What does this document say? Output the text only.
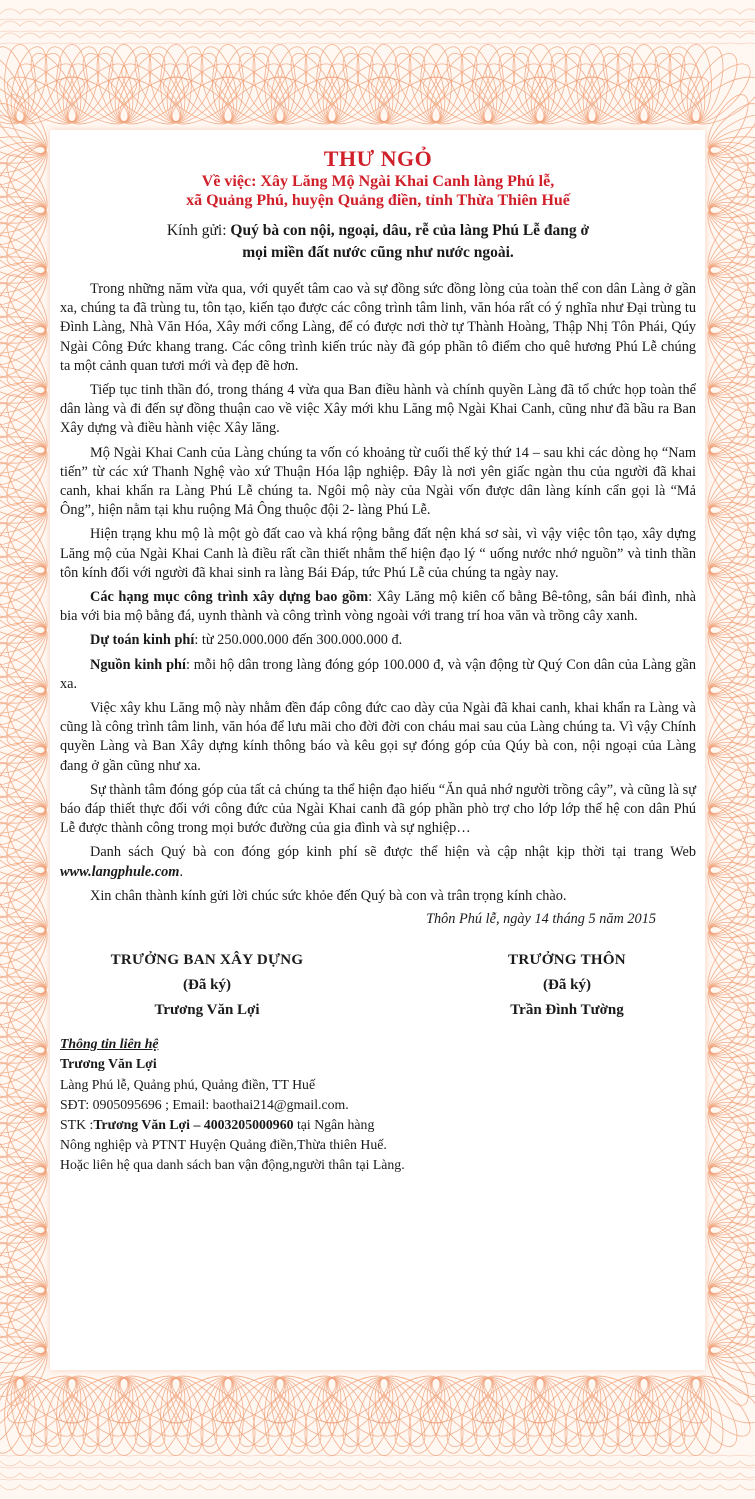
THƯ NGỎ
Về việc: Xây Lăng Mộ Ngài Khai Canh làng Phú lễ,
xã Quảng Phú, huyện Quảng điền, tỉnh Thừa Thiên Huế
Kính gửi: Quý bà con nội, ngoại, dâu, rễ của làng Phú Lễ đang ở
mọi miền đất nước cũng như nước ngoài.

Trong những năm vừa qua, với quyết tâm cao và sự đồng sức đồng lòng của toàn thể con dân Làng ở gần xa, chúng ta đã trùng tu, tôn tạo, kiến tạo được các công trình tâm linh, văn hóa rất có ý nghĩa như Đại trùng tu Đình Làng, Nhà Văn Hóa, Xây mới cổng Làng, để có được nơi thờ tự Thành Hoàng, Thập Nhị Tôn Phái, Qúy Ngài Công Đức khang trang. Các công trình kiến trúc này đã góp phần tô điểm cho quê hương Phú Lễ chúng ta một cảnh quan tươi mới và đẹp đẽ hơn.

Tiếp tục tinh thần đó, trong tháng 4 vừa qua Ban điều hành và chính quyền Làng đã tổ chức họp toàn thể dân làng và đi đến sự đồng thuận cao về việc Xây mới khu Lăng mộ Ngài Khai Canh, cũng như đã bầu ra Ban Xây dựng và điều hành việc Xây lăng.

Mộ Ngài Khai Canh của Làng chúng ta vốn có khoảng từ cuối thế kỷ thứ 14 – sau khi các dòng họ “Nam tiến” từ các xứ Thanh Nghệ vào xứ Thuận Hóa lập nghiệp. Đây là nơi yên giấc ngàn thu của người đã khai canh, khai khẩn ra Làng Phú Lễ chúng ta. Ngôi mộ này của Ngài vốn được dân làng kính cẩn gọi là “Mả Ông”, hiện nằm tại khu ruộng Mả Ông thuộc đội 2- làng Phú Lễ.

Hiện trạng khu mộ là một gò đất cao và khá rộng bằng đất nện khá sơ sài, vì vậy việc tôn tạo, xây dựng Lăng mộ của Ngài Khai Canh là điều rất cần thiết nhằm thể hiện đạo lý “ uống nước nhớ nguồn” và tinh thần tôn kính đối với người đã khai sinh ra làng Bái Đáp, tức Phú Lễ của chúng ta ngày nay.

Các hạng mục công trình xây dựng bao gồm: Xây Lăng mộ kiên cố bằng Bê-tông, sân bái đình, nhà bia với bia mộ bằng đá, uynh thành và công trình vòng ngoài với trang trí hoa văn và trồng cây xanh.

Dự toán kinh phí: từ 250.000.000 đến 300.000.000 đ.

Nguồn kinh phí: mỗi hộ dân trong làng đóng góp 100.000 đ, và vận động từ Quý Con dân của Làng gần xa.

Việc xây khu Lăng mộ này nhằm đền đáp công đức cao dày của Ngài đã khai canh, khai khẩn ra Làng và cũng là công trình tâm linh, văn hóa để lưu mãi cho đời đời con cháu mai sau của Làng chúng ta. Vì vậy Chính quyền Làng và Ban Xây dựng kính thông báo và kêu gọi sự đóng góp của Qúy bà con, nội ngoại của Làng đang ở gần cũng như xa.

Sự thành tâm đóng góp của tất cả chúng ta thể hiện đạo hiếu “Ăn quả nhớ người trồng cây”, và cũng là sự báo đáp thiết thực đối với công đức của Ngài Khai canh đã góp phần phò trợ cho lớp lớp thế hệ con dân Phú Lễ được thành công trong mọi bước đường của gia đình và sự nghiệp…

Danh sách Quý bà con đóng góp kinh phí sẽ được thể hiện và cập nhật kịp thời tại trang Web www.langphule.com.

Xin chân thành kính gửi lời chúc sức khỏe đến Quý bà con và trân trọng kính chào.

Thôn Phú lễ, ngày 14 tháng 5 năm 2015
TRƯỞNG BAN XÂY DỰNG
(Đã ký)
Trương Văn Lợi
TRƯỞNG THÔN
(Đã ký)
Trần Đình Tường
Thông tin liên hệ
Trương Văn Lợi
Làng Phú lễ, Quảng phú, Quảng điền, TT Huế
SĐT: 0905095696 ; Email: baothai214@gmail.com.
STK :Trương Văn Lợi – 4003205000960 tại Ngân hàng
Nông nghiệp và PTNT Huyện Quảng điền,Thừa thiên Huế.
Hoặc liên hệ qua danh sách ban vận động,người thân tại Làng.
